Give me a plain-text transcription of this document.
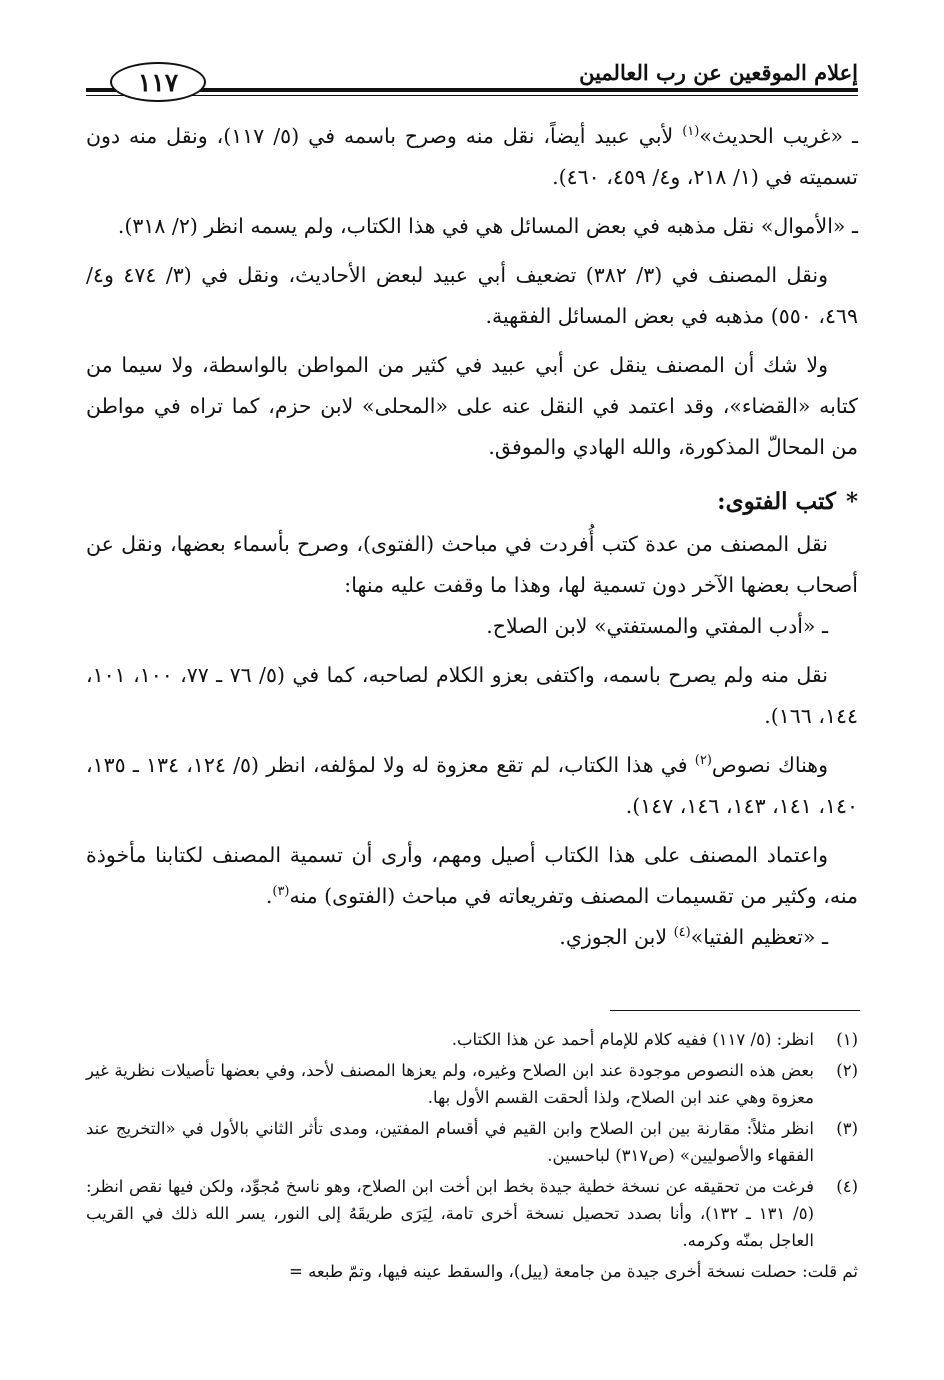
إعلام الموقعين عن رب العالمين
١١٧

ـ «غريب الحديث»$^{(١)}$ لأبي عبيد أيضاً، نقل منه وصرح باسمه في (٥/ ١١٧)، ونقل منه دون تسميته في (١/ ٢١٨، و٤/ ٤٥٩، ٤٦٠).

ـ «الأموال» نقل مذهبه في بعض المسائل هي في هذا الكتاب، ولم يسمه انظر (٢/ ٣١٨).

ونقل المصنف في (٣/ ٣٨٢) تضعيف أبي عبيد لبعض الأحاديث، ونقل في (٣/ ٤٧٤ و٤/ ٤٦٩، ٥٥٠) مذهبه في بعض المسائل الفقهية.

ولا شك أن المصنف ينقل عن أبي عبيد في كثير من المواطن بالواسطة، ولا سيما من كتابه «القضاء»، وقد اعتمد في النقل عنه على «المحلى» لابن حزم، كما تراه في مواطن من المحالّ المذكورة، والله الهادي والموفق.

*كتب الفتوى:

نقل المصنف من عدة كتب أُفردت في مباحث (الفتوى)، وصرح بأسماء بعضها، ونقل عن أصحاب بعضها الآخر دون تسمية لها، وهذا ما وقفت عليه منها:

ـ «أدب المفتي والمستفتي» لابن الصلاح.

نقل منه ولم يصرح باسمه، واكتفى بعزو الكلام لصاحبه، كما في (٥/ ٧٦ ـ ٧٧، ١٠٠، ١٠١، ١٤٤، ١٦٦).

وهناك نصوص$^{(٢)}$ في هذا الكتاب، لم تقع معزوة له ولا لمؤلفه، انظر (٥/ ١٢٤، ١٣٤ ـ ١٣٥، ١٤٠، ١٤١، ١٤٣، ١٤٦، ١٤٧).

واعتماد المصنف على هذا الكتاب أصيل ومهم، وأرى أن تسمية المصنف لكتابنا مأخوذة منه، وكثير من تقسيمات المصنف وتفريعاته في مباحث (الفتوى) منه$^{(٣)}$.

ـ «تعظيم الفتيا»$^{(٤)}$ لابن الجوزي.

(١)
انظر: (٥/ ١١٧) ففيه كلام للإمام أحمد عن هذا الكتاب.
(٢)
بعض هذه النصوص موجودة عند ابن الصلاح وغيره، ولم يعزها المصنف لأحد، وفي بعضها تأصيلات نظرية غير معزوة وهي عند ابن الصلاح، ولذا ألحقت القسم الأول بها.
(٣)
انظر مثلاً: مقارنة بين ابن الصلاح وابن القيم في أقسام المفتين، ومدى تأثر الثاني بالأول في «التخريج عند الفقهاء والأصوليين» (ص٣١٧) لباحسين.
(٤)
فرغت من تحقيقه عن نسخة خطية جيدة بخط ابن أخت ابن الصلاح، وهو ناسخ مُجوِّد، ولكن فيها نقص انظر: (٥/ ١٣١ ـ ١٣٢)، وأنا بصدد تحصيل نسخة أخرى تامة، لِيَرَى طريقَهُ إلى النور، يسر الله ذلك في القريب العاجل بمنّه وكرمه.
ثم قلت: حصلت نسخة أخرى جيدة من جامعة (ييل)، والسقط عينه فيها، وتمّ طبعه =
